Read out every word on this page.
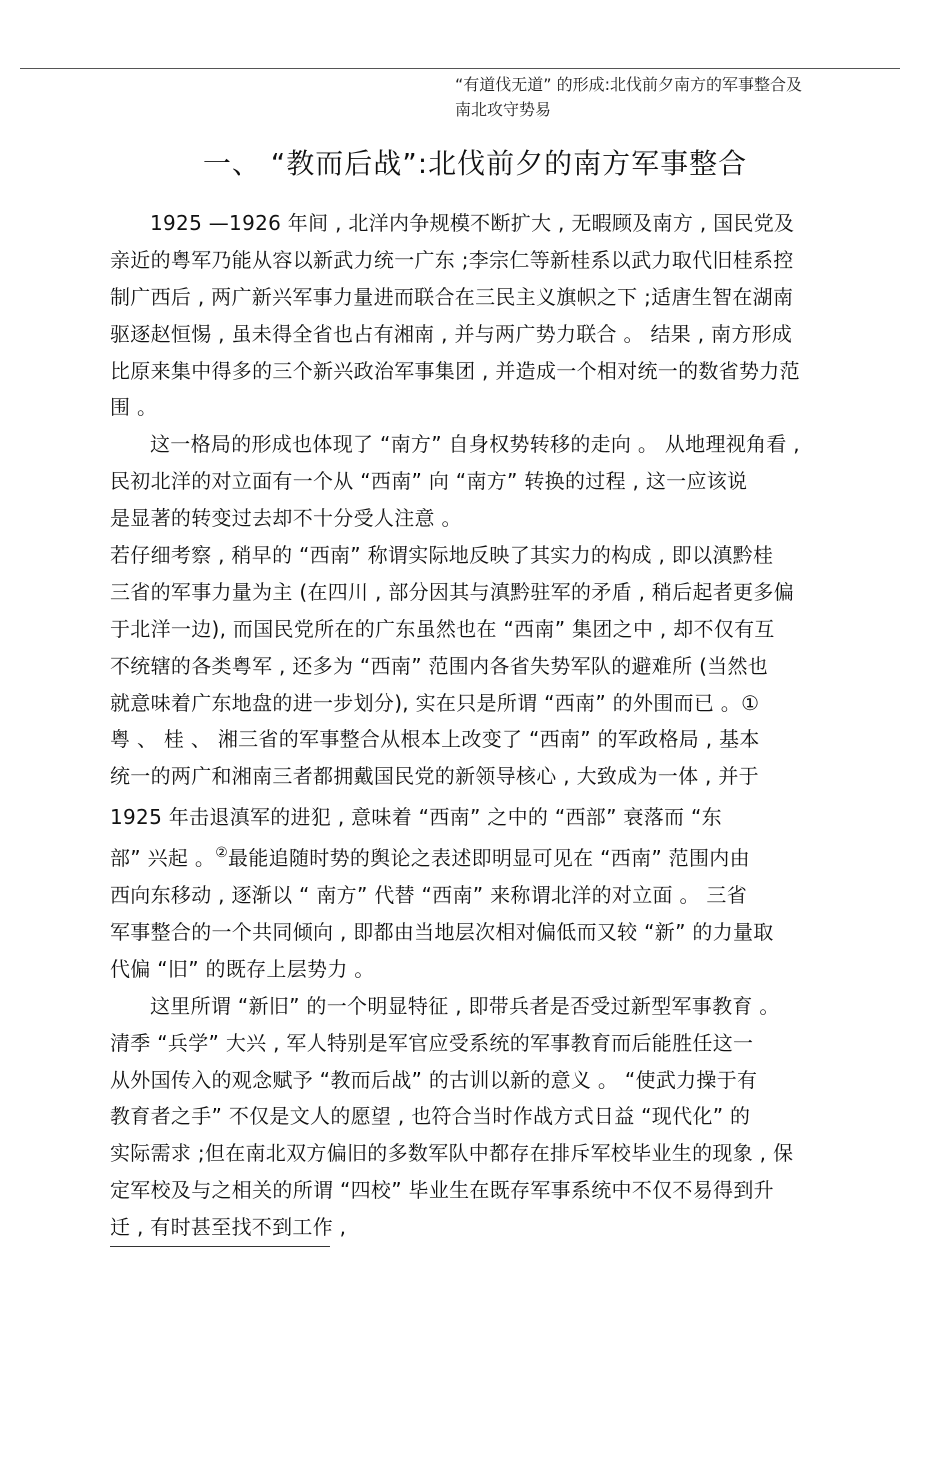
“有道伐无道” 的形成:北伐前夕南方的军事整合及
南北攻守势易
一、 “教而后战”:北伐前夕的南方军事整合
1925 —1926 年间 , 北洋内争规模不断扩大 , 无暇顾及南方 , 国民党及
亲近的粤军乃能从容以新武力统一广东 ;李宗仁等新桂系以武力取代旧桂系控
制广西后 , 两广新兴军事力量进而联合在三民主义旗帜之下 ;适唐生智在湖南
驱逐赵恒惕 , 虽未得全省也占有湘南 , 并与两广势力联合 。 结果 , 南方形成
比原来集中得多的三个新兴政治军事集团 , 并造成一个相对统一的数省势力范
围 。
这一格局的形成也体现了 “南方” 自身权势转移的走向 。 从地理视角看 ,
民初北洋的对立面有一个从 “西南” 向 “南方” 转换的过程 , 这一应该说
是显著的转变过去却不十分受人注意 。
若仔细考察 , 稍早的 “西南” 称谓实际地反映了其实力的构成 , 即以滇黔桂
三省的军事力量为主 (在四川 , 部分因其与滇黔驻军的矛盾 , 稍后起者更多偏
于北洋一边), 而国民党所在的广东虽然也在 “西南” 集团之中 , 却不仅有互
不统辖的各类粤军 , 还多为 “西南” 范围内各省失势军队的避难所 (当然也
就意味着广东地盘的进一步划分), 实在只是所谓 “西南” 的外围而已 。①
粤 、 桂 、 湘三省的军事整合从根本上改变了 “西南” 的军政格局 , 基本
统一的两广和湘南三者都拥戴国民党的新领导核心 , 大致成为一体 , 并于
1925 年击退滇军的进犯 , 意味着 “西南” 之中的 “西部” 衰落而 “东
部” 兴起 。②最能追随时势的舆论之表述即明显可见在 “西南” 范围内由
西向东移动 , 逐渐以 “ 南方” 代替 “西南” 来称谓北洋的对立面 。 三省
军事整合的一个共同倾向 , 即都由当地层次相对偏低而又较 “新” 的力量取
代偏 “旧” 的既存上层势力 。
这里所谓 “新旧” 的一个明显特征 , 即带兵者是否受过新型军事教育 。
清季 “兵学” 大兴 , 军人特别是军官应受系统的军事教育而后能胜任这一
从外国传入的观念赋予 “教而后战” 的古训以新的意义 。 “使武力操于有
教育者之手” 不仅是文人的愿望 , 也符合当时作战方式日益 “现代化” 的
实际需求 ;但在南北双方偏旧的多数军队中都存在排斥军校毕业生的现象 , 保
定军校及与之相关的所谓 “四校” 毕业生在既存军事系统中不仅不易得到升
迁 , 有时甚至找不到工作 ,
